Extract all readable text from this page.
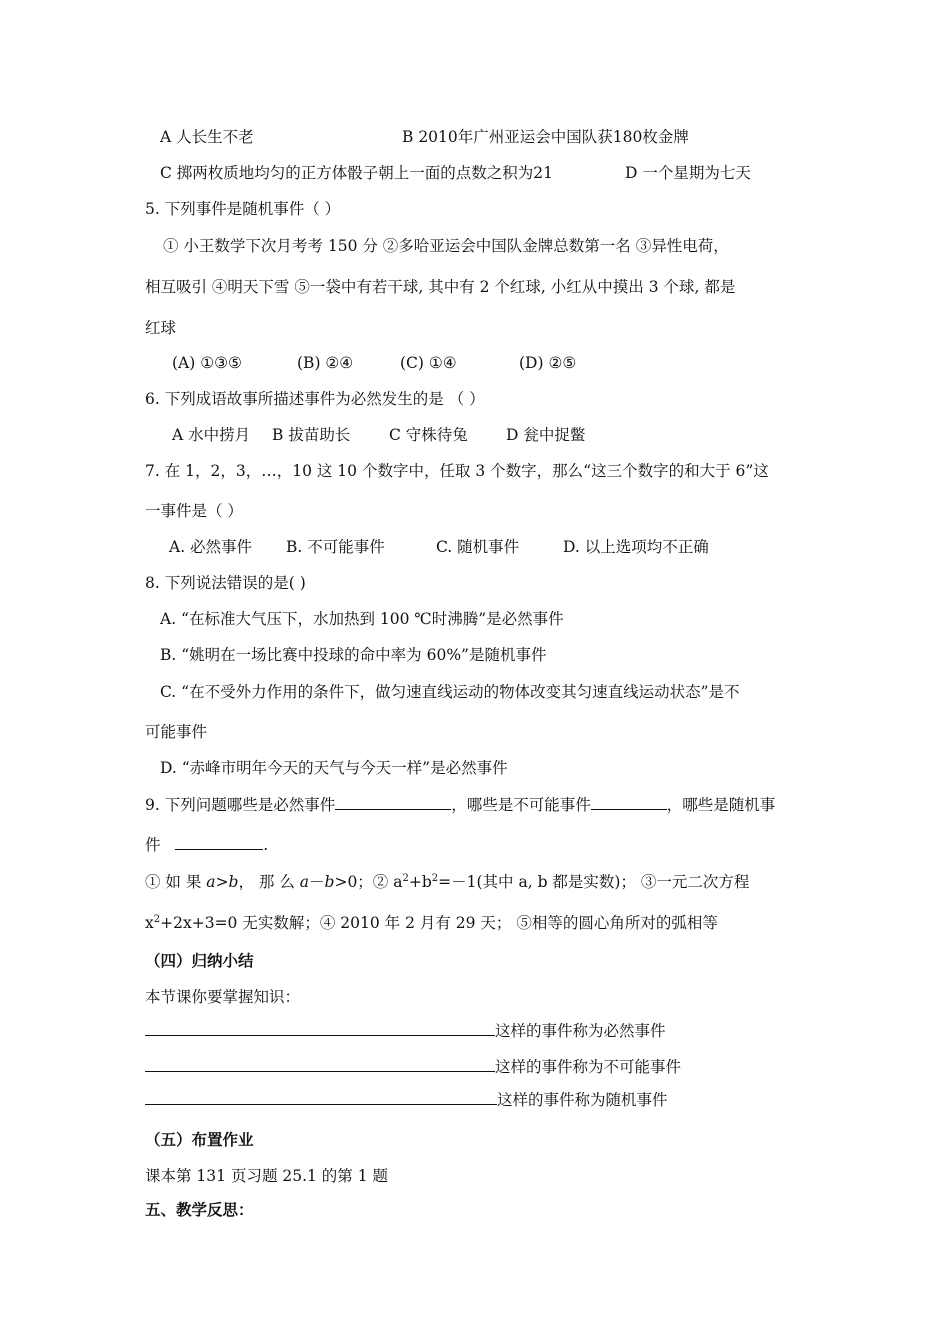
A 人长生不老	B 2010年广州亚运会中国队获180枚金牌
C 掷两枚质地均匀的正方体骰子朝上一面的点数之积为21	D 一个星期为七天
5. 下列事件是随机事件（ ）
① 小王数学下次月考考 150 分 ②多哈亚运会中国队金牌总数第一名 ③异性电荷，
相互吸引 ④明天下雪 ⑤一袋中有若干球, 其中有 2 个红球, 小红从中摸出 3 个球, 都是
红球
(A) ①③⑤	(B) ②④	(C) ①④	(D) ②⑤
6. 下列成语故事所描述事件为必然发生的是 （ ）
A 水中捞月 B 拔苗助长 C 守株待兔 D 瓮中捉鳖
7. 在 1，2，3，…，10 这 10 个数字中，任取 3 个数字，那么“这三个数字的和大于 6”这
一事件是（ ）
A. 必然事件 B. 不可能事件	C. 随机事件	D. 以上选项均不正确
8. 下列说法错误的是( )
A. “在标准大气压下，水加热到 100 ℃时沸腾”是必然事件
B. “姚明在一场比赛中投球的命中率为 60%”是随机事件
C. “在不受外力作用的条件下，做匀速直线运动的物体改变其匀速直线运动状态”是不
可能事件
D. “赤峰市明年今天的天气与今天一样”是必然事件
9. 下列问题哪些是必然事件	，哪些是不可能事件	，哪些是随机事
件	.
① 如 果 a>b， 那 么 a－b>0；② $a^2+b^2=-1$(其中 a, b 都是实数)； ③一元二次方程
$x^2+2x+3=0$ 无实数解；④ 2010 年 2 月有 29 天； ⑤相等的圆心角所对的弧相等
（四）归纳小结
本节课你要掌握知识：
这样的事件称为必然事件
这样的事件称为不可能事件
这样的事件称为随机事件
（五）布置作业
课本第 131 页习题 25.1 的第 1 题
五、教学反思：
